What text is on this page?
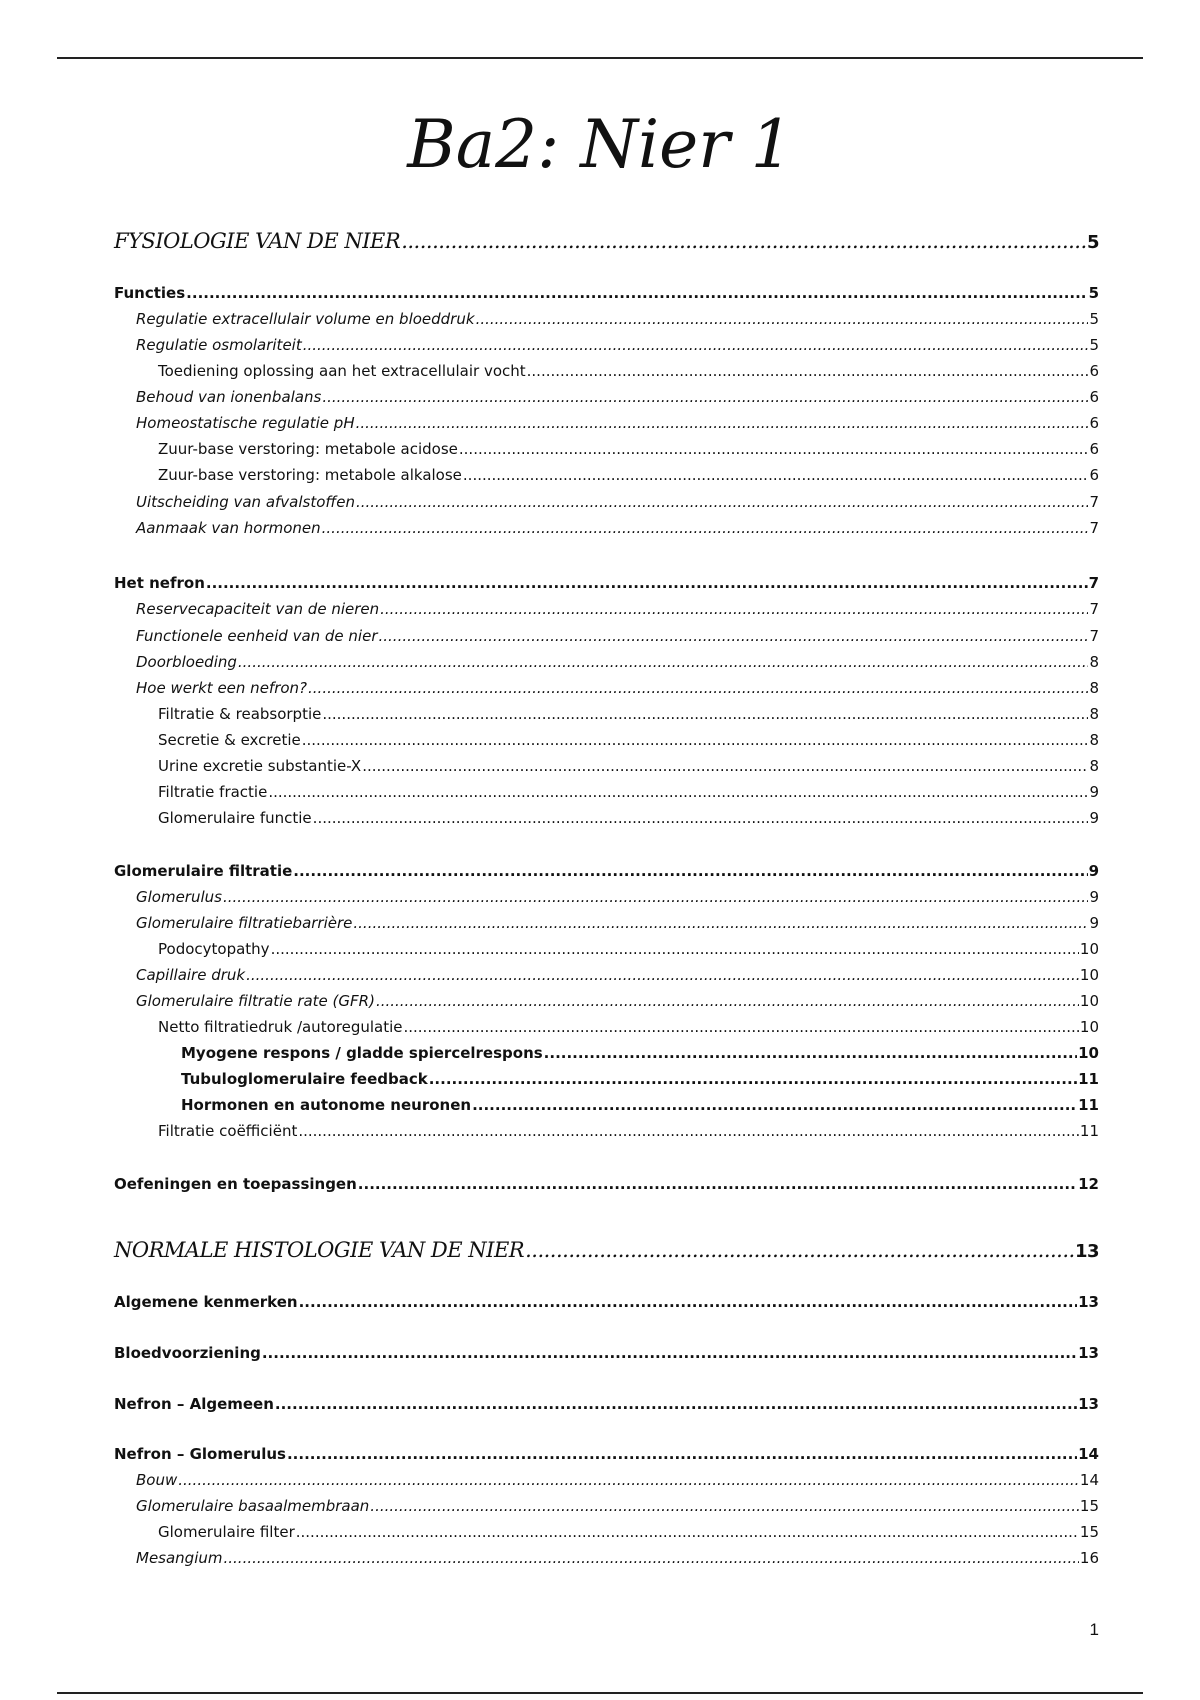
Ba2: Nier 1
FYSIOLOGIE VAN DE NIER .....	5
Functies .....	5
Regulatie extracellulair volume en bloeddruk .....	5
Regulatie osmolariteit .....	5
Toediening oplossing aan het extracellulair vocht .....	6
Behoud van ionenbalans .....	6
Homeostatische regulatie pH .....	6
Zuur-base verstoring: metabole acidose .....	6
Zuur-base verstoring: metabole alkalose .....	6
Uitscheiding van afvalstoffen .....	7
Aanmaak van hormonen .....	7
Het nefron .....	7
Reservecapaciteit van de nieren .....	7
Functionele eenheid van de nier .....	7
Doorbloeding .....	8
Hoe werkt een nefron? .....	8
Filtratie & reabsorptie .....	8
Secretie & excretie .....	8
Urine excretie substantie-X .....	8
Filtratie fractie .....	9
Glomerulaire functie .....	9
Glomerulaire filtratie .....	9
Glomerulus .....	9
Glomerulaire filtratiebarrière .....	9
Podocytopathy .....	10
Capillaire druk .....	10
Glomerulaire filtratie rate (GFR) .....	10
Netto filtratiedruk /autoregulatie .....	10
Myogene respons / gladde spiercelrespons .....	10
Tubuloglomerulaire feedback .....	11
Hormonen en autonome neuronen .....	11
Filtratie coëfficiënt .....	11
Oefeningen en toepassingen .....	12
NORMALE HISTOLOGIE VAN DE NIER .....	13
Algemene kenmerken .....	13
Bloedvoorziening .....	13
Nefron – Algemeen .....	13
Nefron – Glomerulus .....	14
Bouw .....	14
Glomerulaire basaalmembraan .....	15
Glomerulaire filter .....	15
Mesangium .....	16
1
